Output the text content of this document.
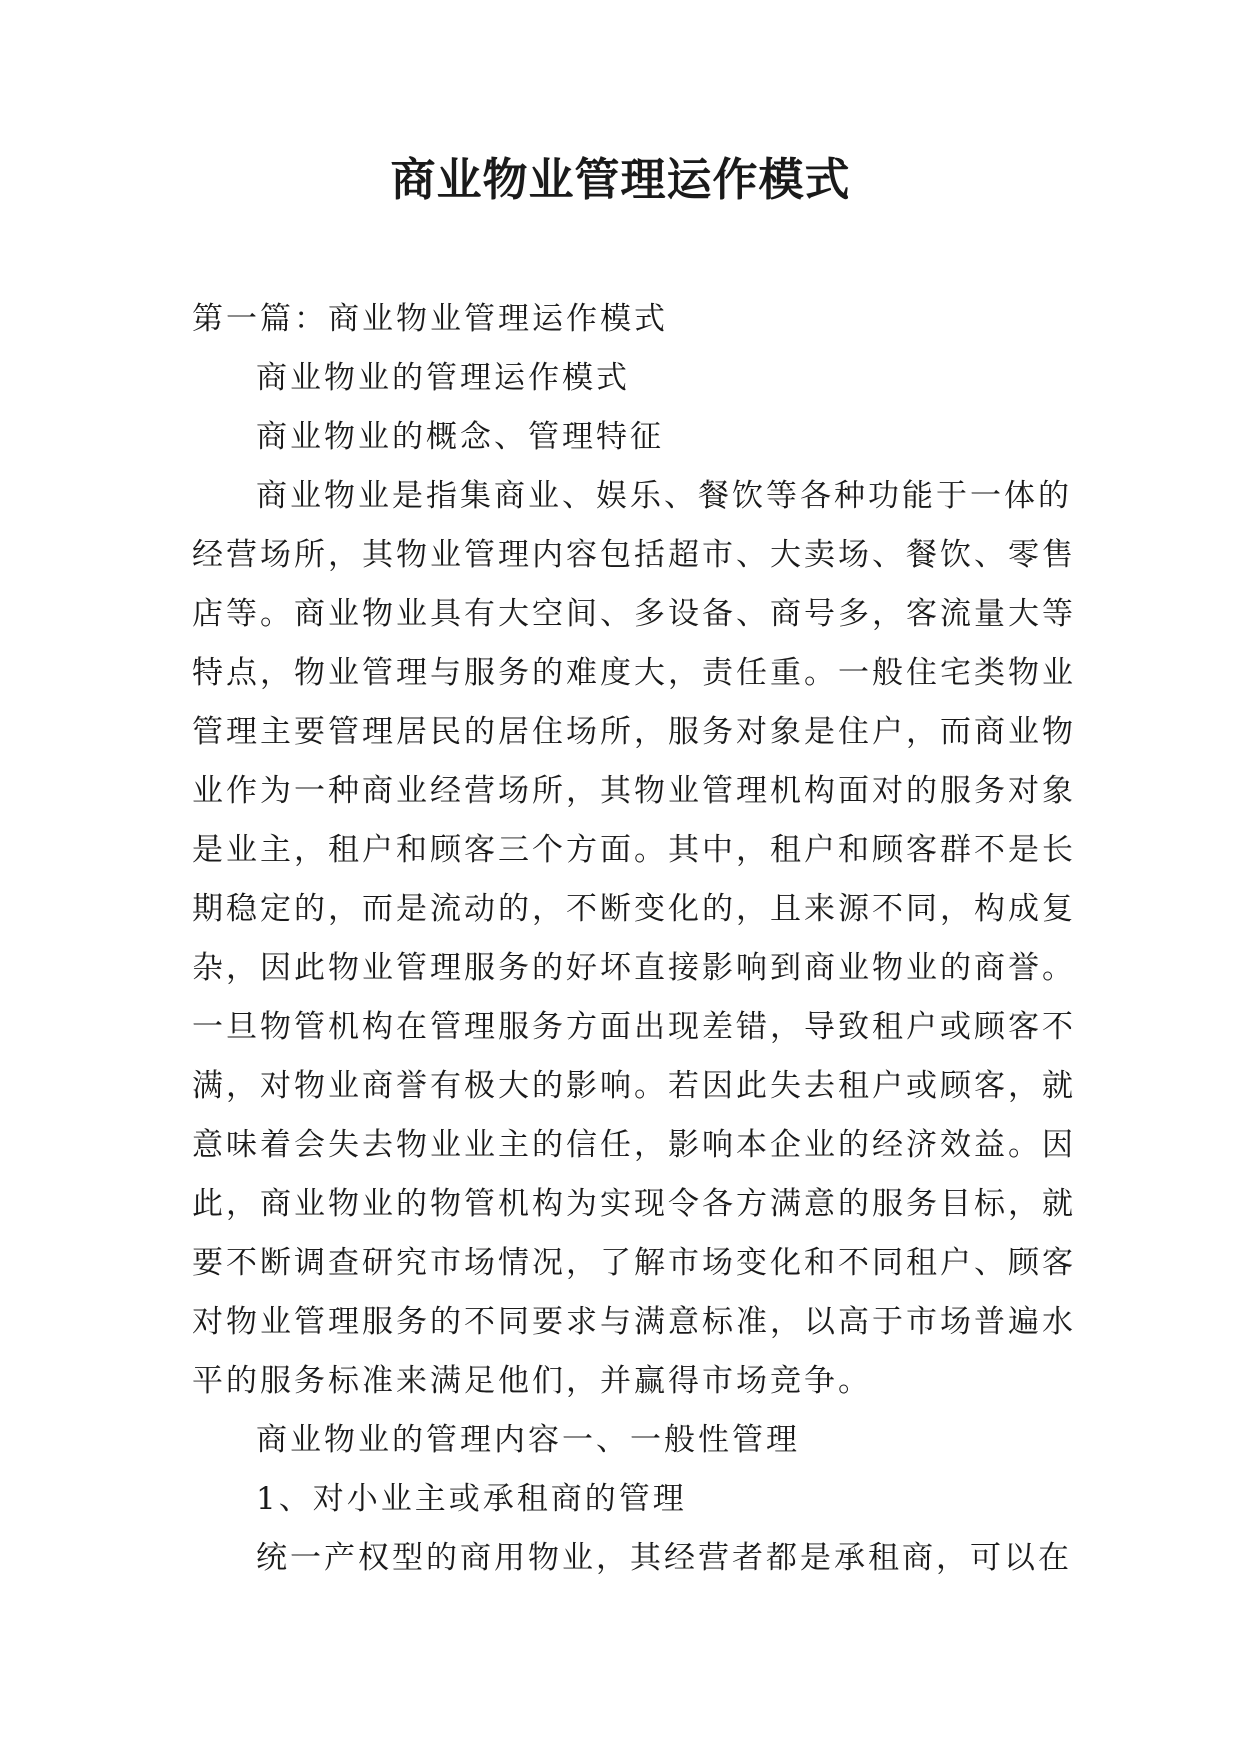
商业物业管理运作模式
第一篇：商业物业管理运作模式
商业物业的管理运作模式
商业物业的概念、管理特征
商业物业是指集商业、娱乐、餐饮等各种功能于一体的
经营场所，其物业管理内容包括超市、大卖场、餐饮、零售
店等。商业物业具有大空间、多设备、商号多，客流量大等
特点，物业管理与服务的难度大，责任重。一般住宅类物业
管理主要管理居民的居住场所，服务对象是住户，而商业物
业作为一种商业经营场所，其物业管理机构面对的服务对象
是业主，租户和顾客三个方面。其中，租户和顾客群不是长
期稳定的，而是流动的，不断变化的，且来源不同，构成复
杂，因此物业管理服务的好坏直接影响到商业物业的商誉。
一旦物管机构在管理服务方面出现差错，导致租户或顾客不
满，对物业商誉有极大的影响。若因此失去租户或顾客，就
意味着会失去物业业主的信任，影响本企业的经济效益。因
此，商业物业的物管机构为实现令各方满意的服务目标，就
要不断调查研究市场情况，了解市场变化和不同租户、顾客
对物业管理服务的不同要求与满意标准，以高于市场普遍水
平的服务标准来满足他们，并赢得市场竞争。
商业物业的管理内容一、一般性管理
1、对小业主或承租商的管理
统一产权型的商用物业，其经营者都是承租商，可以在
